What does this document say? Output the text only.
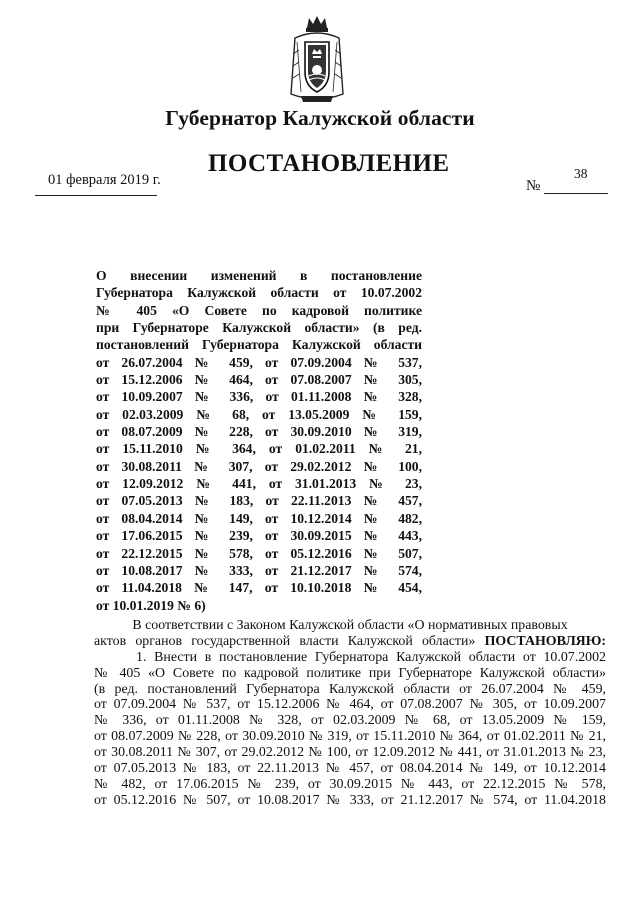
Губернатор Калужской области
ПОСТАНОВЛЕНИЕ
01 февраля 2019 г.	38
№
О внесении изменений в постановление
Губернатора Калужской области от 10.07.2002
№ 405 «О Совете по кадровой политике
при Губернаторе Калужской области» (в ред.
постановлений Губернатора Калужской области
от 26.07.2004 № 459, от 07.09.2004 № 537,
от 15.12.2006 № 464, от 07.08.2007 № 305,
от 10.09.2007 № 336, от 01.11.2008 № 328,
от 02.03.2009 № 68, от 13.05.2009 № 159,
от 08.07.2009 № 228, от 30.09.2010 № 319,
от 15.11.2010 № 364, от 01.02.2011 № 21,
от 30.08.2011 № 307, от 29.02.2012 № 100,
от 12.09.2012 № 441, от 31.01.2013 № 23,
от 07.05.2013 № 183, от 22.11.2013 № 457,
от 08.04.2014 № 149, от 10.12.2014 № 482,
от 17.06.2015 № 239, от 30.09.2015 № 443,
от 22.12.2015 № 578, от 05.12.2016 № 507,
от 10.08.2017 № 333, от 21.12.2017 № 574,
от 11.04.2018 № 147, от 10.10.2018 № 454,
от 10.01.2019 № 6)
В соответствии с Законом Калужской области «О нормативных правовых
актов органов государственной власти Калужской области» ПОСТАНОВЛЯЮ:
1. Внести в постановление Губернатора Калужской области от 10.07.2002
№ 405 «О Совете по кадровой политике при Губернаторе Калужской области»
(в ред. постановлений Губернатора Калужской области от 26.07.2004 № 459,
от 07.09.2004 № 537, от 15.12.2006 № 464, от 07.08.2007 № 305, от 10.09.2007
№ 336, от 01.11.2008 № 328, от 02.03.2009 № 68, от 13.05.2009 № 159,
от 08.07.2009 № 228, от 30.09.2010 № 319, от 15.11.2010 № 364, от 01.02.2011 № 21,
от 30.08.2011 № 307, от 29.02.2012 № 100, от 12.09.2012 № 441, от 31.01.2013 № 23,
от 07.05.2013 № 183, от 22.11.2013 № 457, от 08.04.2014 № 149, от 10.12.2014
№ 482, от 17.06.2015 № 239, от 30.09.2015 № 443, от 22.12.2015 № 578,
от 05.12.2016 № 507, от 10.08.2017 № 333, от 21.12.2017 № 574, от 11.04.2018
